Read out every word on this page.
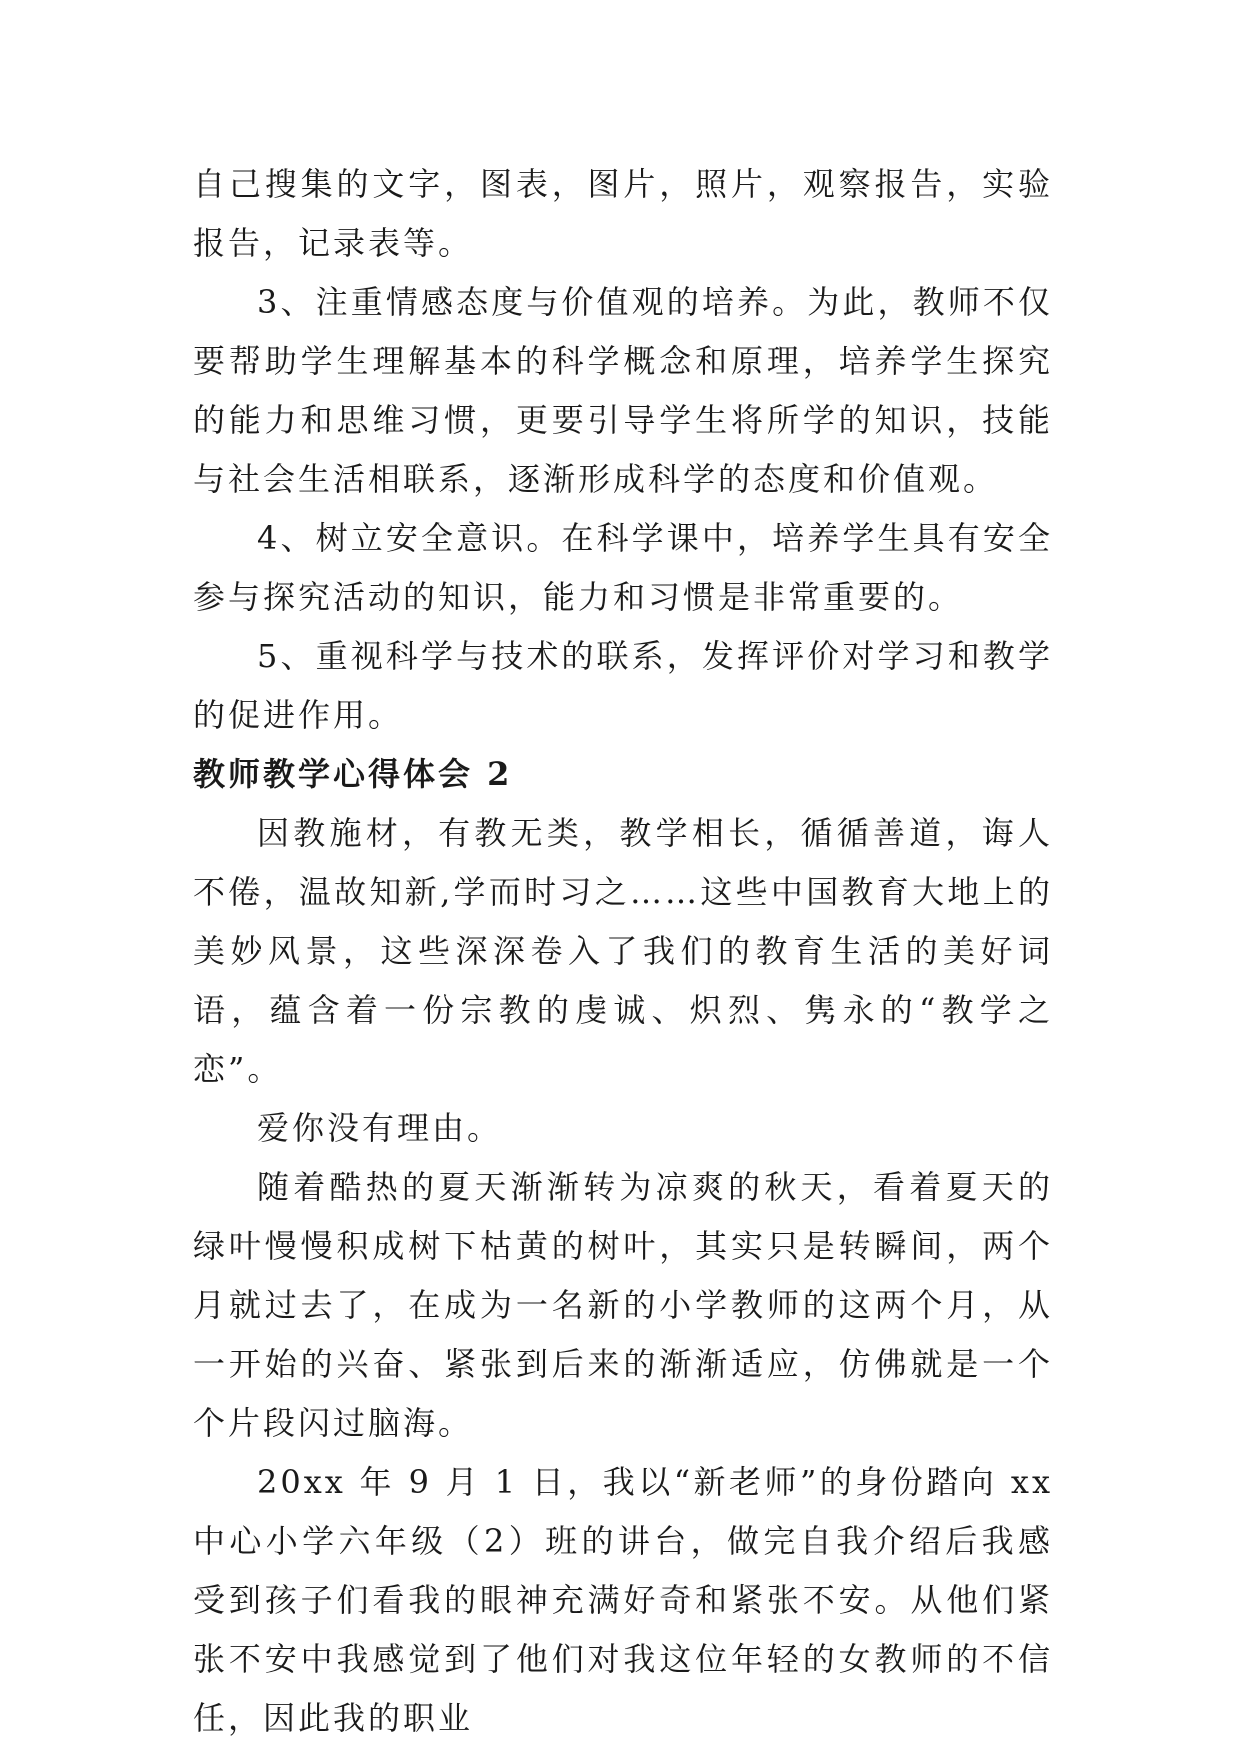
自己搜集的文字，图表，图片，照片，观察报告，实验报告，记录表等。

3、注重情感态度与价值观的培养。为此，教师不仅要帮助学生理解基本的科学概念和原理，培养学生探究的能力和思维习惯，更要引导学生将所学的知识，技能与社会生活相联系，逐渐形成科学的态度和价值观。

4、树立安全意识。在科学课中，培养学生具有安全参与探究活动的知识，能力和习惯是非常重要的。

5、重视科学与技术的联系，发挥评价对学习和教学的促进作用。

教师教学心得体会 2

因教施材，有教无类，教学相长，循循善道，诲人不倦，温故知新,学而时习之……这些中国教育大地上的美妙风景，这些深深卷入了我们的教育生活的美好词语，蕴含着一份宗教的虔诚、炽烈、隽永的“教学之恋”。

爱你没有理由。

随着酷热的夏天渐渐转为凉爽的秋天，看着夏天的绿叶慢慢积成树下枯黄的树叶，其实只是转瞬间，两个月就过去了，在成为一名新的小学教师的这两个月，从一开始的兴奋、紧张到后来的渐渐适应，仿佛就是一个个片段闪过脑海。

20xx 年 9 月 1 日，我以“新老师”的身份踏向 xx 中心小学六年级（2）班的讲台，做完自我介绍后我感受到孩子们看我的眼神充满好奇和紧张不安。从他们紧张不安中我感觉到了他们对我这位年轻的女教师的不信任，因此我的职业
